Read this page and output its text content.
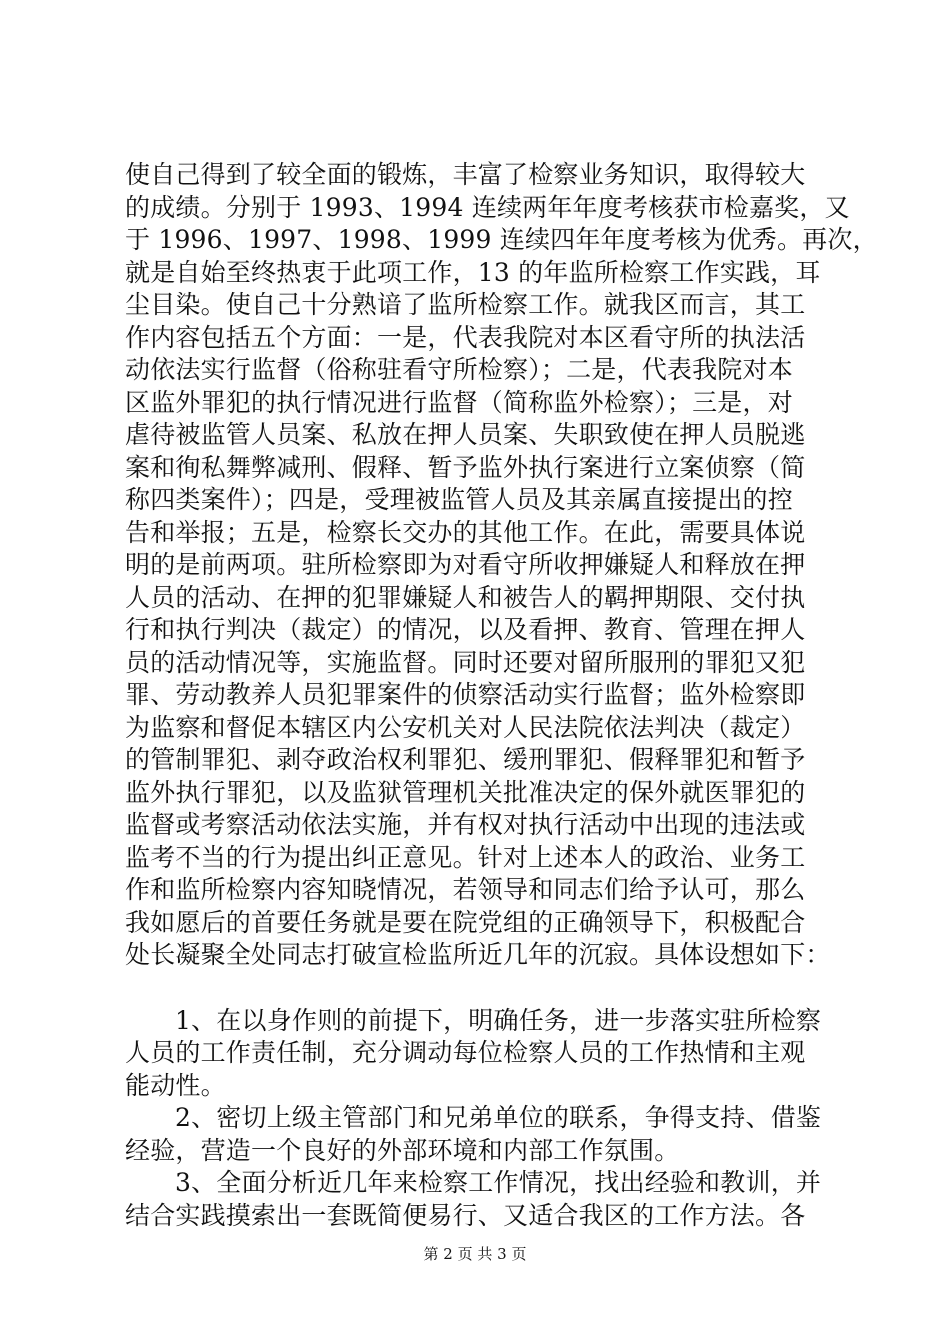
使自己得到了较全面的锻炼，丰富了检察业务知识，取得较大
的成绩。分别于 1993、1994 连续两年年度考核获市检嘉奖，又
于 1996、1997、1998、1999 连续四年年度考核为优秀。再次，
就是自始至终热衷于此项工作，13 的年监所检察工作实践，耳
尘目染。使自己十分熟谙了监所检察工作。就我区而言，其工
作内容包括五个方面：一是，代表我院对本区看守所的执法活
动依法实行监督（俗称驻看守所检察）；二是，代表我院对本
区监外罪犯的执行情况进行监督（简称监外检察）；三是，对
虐待被监管人员案、私放在押人员案、失职致使在押人员脱逃
案和徇私舞弊减刑、假释、暂予监外执行案进行立案侦察（简
称四类案件）；四是，受理被监管人员及其亲属直接提出的控
告和举报；五是，检察长交办的其他工作。在此，需要具体说
明的是前两项。驻所检察即为对看守所收押嫌疑人和释放在押
人员的活动、在押的犯罪嫌疑人和被告人的羁押期限、交付执
行和执行判决（裁定）的情况，以及看押、教育、管理在押人
员的活动情况等，实施监督。同时还要对留所服刑的罪犯又犯
罪、劳动教养人员犯罪案件的侦察活动实行监督；监外检察即
为监察和督促本辖区内公安机关对人民法院依法判决（裁定）
的管制罪犯、剥夺政治权利罪犯、缓刑罪犯、假释罪犯和暂予
监外执行罪犯，以及监狱管理机关批准决定的保外就医罪犯的
监督或考察活动依法实施，并有权对执行活动中出现的违法或
监考不当的行为提出纠正意见。针对上述本人的政治、业务工
作和监所检察内容知晓情况，若领导和同志们给予认可，那么
我如愿后的首要任务就是要在院党组的正确领导下，积极配合
处长凝聚全处同志打破宣检监所近几年的沉寂。具体设想如下：
1、在以身作则的前提下，明确任务，进一步落实驻所检察
人员的工作责任制，充分调动每位检察人员的工作热情和主观
能动性。
2、密切上级主管部门和兄弟单位的联系，争得支持、借鉴
经验，营造一个良好的外部环境和内部工作氛围。
3、全面分析近几年来检察工作情况，找出经验和教训，并
结合实践摸索出一套既简便易行、又适合我区的工作方法。各
第 2 页 共 3 页
